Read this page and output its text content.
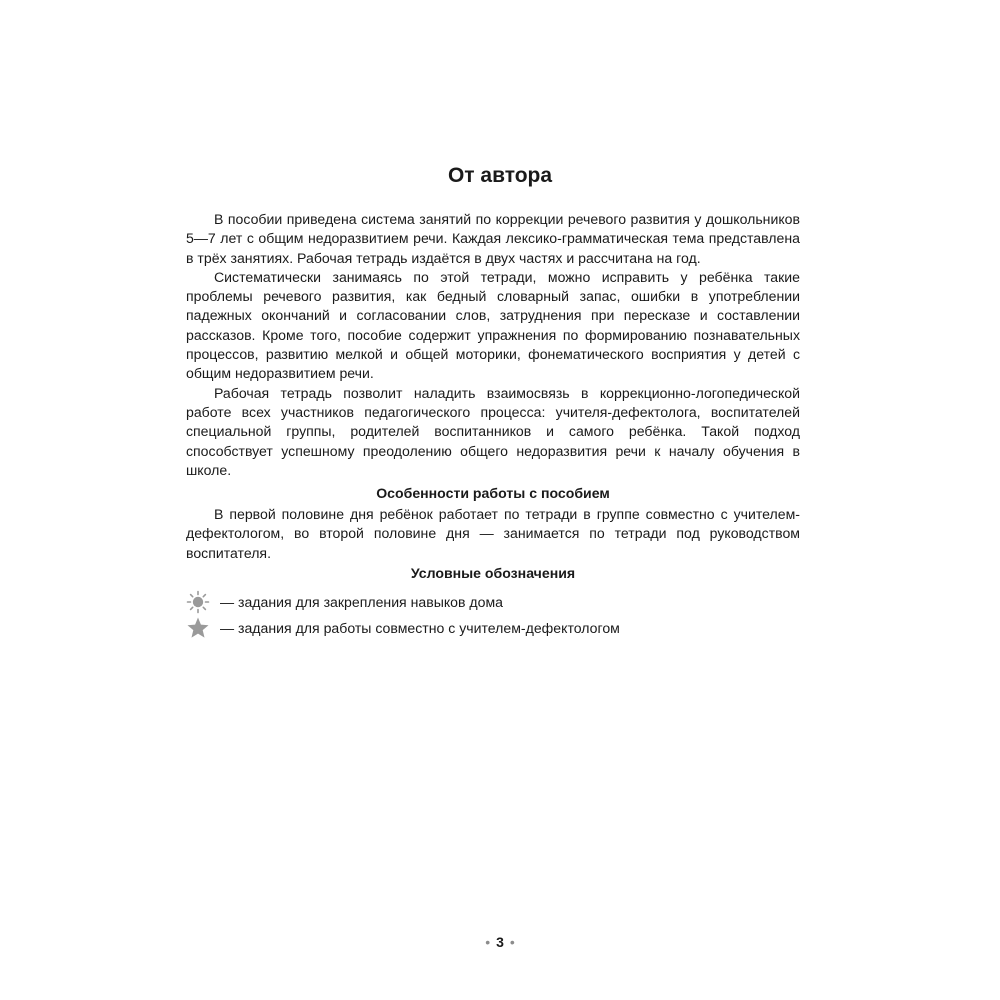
От автора

В пособии приведена система занятий по коррекции речевого развития у дошкольников 5—7 лет с общим недоразвитием речи. Каждая лексико-грамматическая тема представлена в трёх занятиях. Рабочая тетрадь издаётся в двух частях и рассчитана на год.

Систематически занимаясь по этой тетради, можно исправить у ребёнка такие проблемы речевого развития, как бедный словарный запас, ошибки в употреблении падежных окончаний и согласовании слов, затруднения при пересказе и составлении рассказов. Кроме того, пособие содержит упражнения по формированию познавательных процессов, развитию мелкой и общей моторики, фонематического восприятия у детей с общим недоразвитием речи.

Рабочая тетрадь позволит наладить взаимосвязь в коррекционно-логопедической работе всех участников педагогического процесса: учителя-дефектолога, воспитателей специальной группы, родителей воспитанников и самого ребёнка. Такой подход способствует успешному преодолению общего недоразвития речи к началу обучения в школе.

Особенности работы с пособием

В первой половине дня ребёнок работает по тетради в группе совместно с учителем-дефектологом, во второй половине дня — занимается по тетради под руководством воспитателя.

Условные обозначения

— задания для закрепления навыков дома
— задания для работы совместно с учителем-дефектологом
• 3 •
